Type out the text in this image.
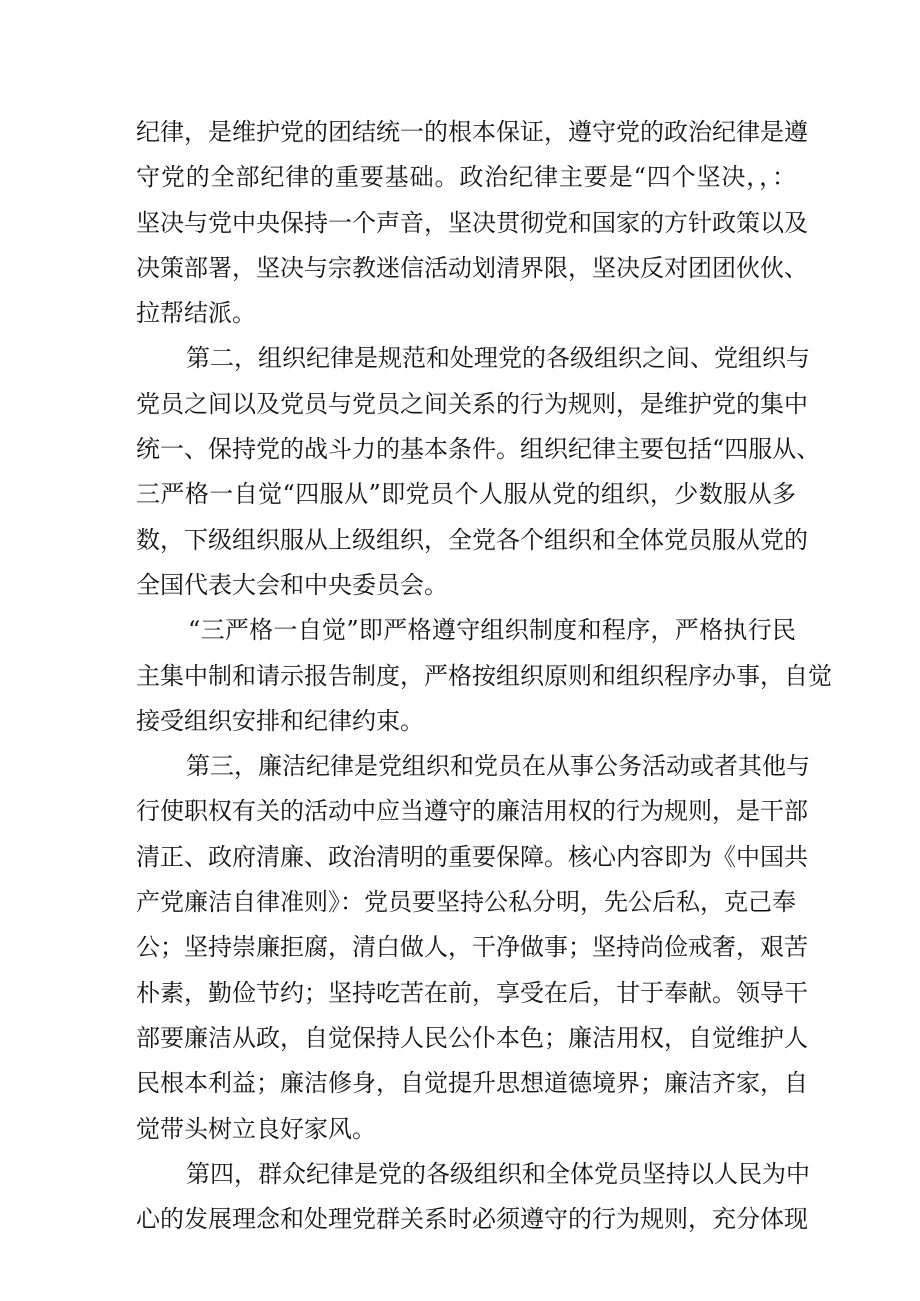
纪律，是维护党的团结统一的根本保证，遵守党的政治纪律是遵
守党的全部纪律的重要基础。政治纪律主要是“四个坚决，，：
坚决与党中央保持一个声音，坚决贯彻党和国家的方针政策以及
决策部署，坚决与宗教迷信活动划清界限，坚决反对团团伙伙、
拉帮结派。
第二，组织纪律是规范和处理党的各级组织之间、党组织与
党员之间以及党员与党员之间关系的行为规则，是维护党的集中
统一、保持党的战斗力的基本条件。组织纪律主要包括“四服从、
三严格一自觉“四服从”即党员个人服从党的组织，少数服从多
数，下级组织服从上级组织，全党各个组织和全体党员服从党的
全国代表大会和中央委员会。
“三严格一自觉”即严格遵守组织制度和程序，严格执行民
主集中制和请示报告制度，严格按组织原则和组织程序办事，自觉
接受组织安排和纪律约束。
第三，廉洁纪律是党组织和党员在从事公务活动或者其他与
行使职权有关的活动中应当遵守的廉洁用权的行为规则，是干部
清正、政府清廉、政治清明的重要保障。核心内容即为《中国共
产党廉洁自律准则》：党员要坚持公私分明，先公后私，克己奉
公；坚持崇廉拒腐，清白做人，干净做事；坚持尚俭戒奢，艰苦
朴素，勤俭节约；坚持吃苦在前，享受在后，甘于奉献。领导干
部要廉洁从政，自觉保持人民公仆本色；廉洁用权，自觉维护人
民根本利益；廉洁修身，自觉提升思想道德境界；廉洁齐家，自
觉带头树立良好家风。
第四，群众纪律是党的各级组织和全体党员坚持以人民为中
心的发展理念和处理党群关系时必须遵守的行为规则，充分体现
